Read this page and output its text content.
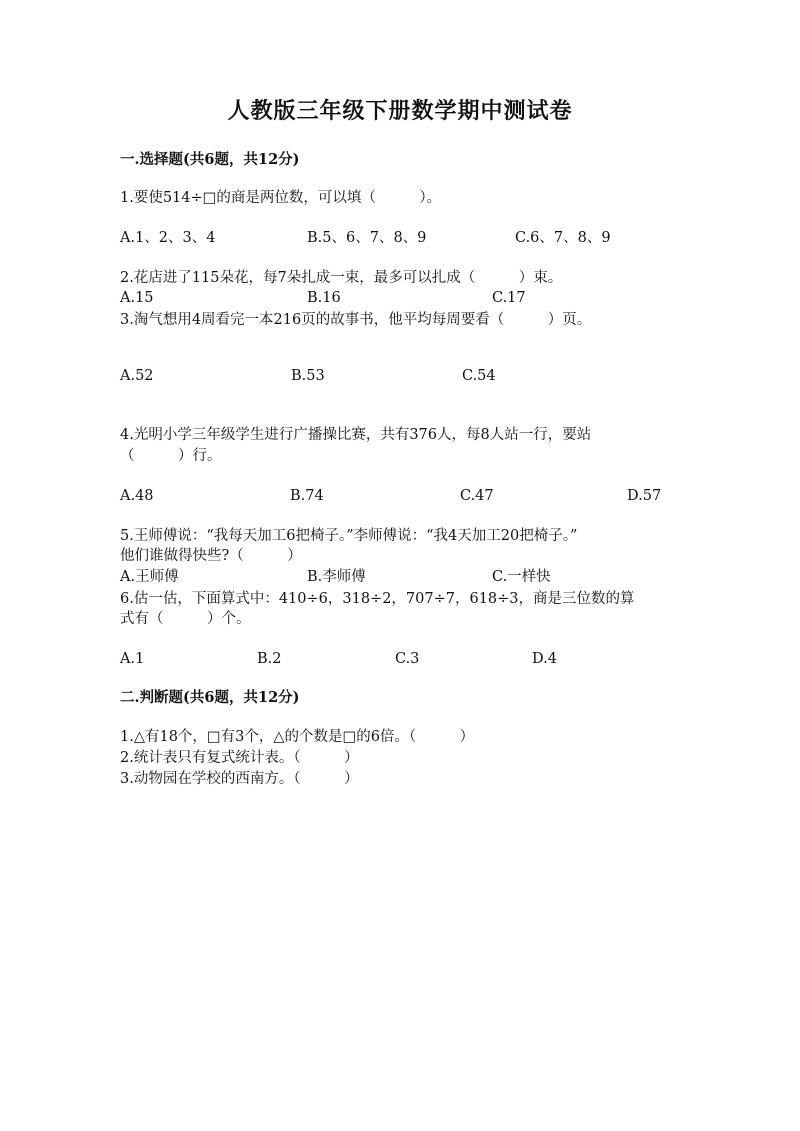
人教版三年级下册数学期中测试卷
一.选择题(共6题，共12分)
1.要使514÷□的商是两位数，可以填（　　　）。
A.1、2、3、4	B.5、6、7、8、9	C.6、7、8、9
2.花店进了115朵花，每7朵扎成一束，最多可以扎成（　　　）束。
A.15	B.16	C.17
3.淘气想用4周看完一本216页的故事书，他平均每周要看（　　　）页。
A.52	B.53	C.54
4.光明小学三年级学生进行广播操比赛，共有376人，每8人站一行，要站
（　　　）行。
A.48	B.74	C.47	D.57
5.王师傅说：“我每天加工6把椅子。”李师傅说：“我4天加工20把椅子。”
他们谁做得快些?（　　　）
A.王师傅	B.李师傅	C.一样快
6.估一估，下面算式中：410÷6，318÷2，707÷7，618÷3，商是三位数的算
式有（　　　）个。
A.1	B.2	C.3	D.4
二.判断题(共6题，共12分)
1.△有18个，□有3个，△的个数是□的6倍。（　　　）
2.统计表只有复式统计表。（　　　）
3.动物园在学校的西南方。（　　　）
